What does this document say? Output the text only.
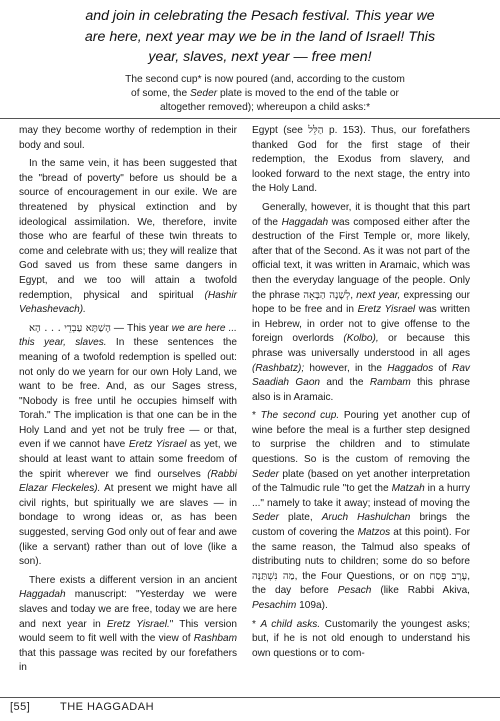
and join in celebrating the Pesach festival. This year we
are here, next year may we be in the land of Israel! This
year, slaves, next year — free men!
The second cup* is now poured (and, according to the custom
of some, the Seder plate is moved to the end of the table or
altogether removed); whereupon a child asks:*

may they become worthy of redemption in their body and soul.

In the same vein, it has been suggested that the "bread of poverty" before us should be a source of encouragement in our exile. We are threatened by physical extinction and by ideological assimilation. We, therefore, invite those who are fearful of these twin threats to come and celebrate with us; they will realize that God saved us from these same dangers in Egypt, and we too will attain a twofold redemption, physical and spiritual (Hashir Vehashevach).

הָשַׁתָּא עַבְדֵי . . . הָא — This year we are here ... this year, slaves. In these sentences the meaning of a twofold redemption is spelled out: not only do we yearn for our own Holy Land, we want to be free. And, as our Sages stress, "Nobody is free until he occupies himself with Torah." The implication is that one can be in the Holy Land and yet not be truly free — or that, even if we cannot have Eretz Yisrael as yet, we should at least want to attain some freedom of the spirit wherever we find ourselves (Rabbi Elazar Fleckeles). At present we might have all civil rights, but spiritually we are slaves — in bondage to wrong ideas or, as has been suggested, serving God only out of fear and awe (like a servant) rather than out of love (like a son).

There exists a different version in an ancient Haggadah manuscript: "Yesterday we were slaves and today we are free, today we are here and next year in Eretz Yisrael." This version would seem to fit well with the view of Rashbam that this passage was recited by our forefathers in

Egypt (see הַלֵּל p. 153). Thus, our forefathers thanked God for the first stage of their redemption, the Exodus from slavery, and looked forward to the next stage, the entry into the Holy Land.

Generally, however, it is thought that this part of the Haggadah was composed either after the destruction of the First Temple or, more likely, after that of the Second. As it was not part of the official text, it was written in Aramaic, which was then the everyday language of the people. Only the phrase לְשָׁנָה הַבָּאָה, next year, expressing our hope to be free and in Eretz Yisrael was written in Hebrew, in order not to give offense to the foreign overlords (Kolbo), or because this phrase was universally understood in all ages (Rashbatz); however, in the Haggados of Rav Saadiah Gaon and the Rambam this phrase also is in Aramaic.

* The second cup. Pouring yet another cup of wine before the meal is a further step designed to surprise the children and to stimulate questions. So is the custom of removing the Seder plate (based on yet another interpretation of the Talmudic rule "to get the Matzah in a hurry ..." namely to take it away; instead of moving the Seder plate, Aruch Hashulchan brings the custom of covering the Matzos at this point). For the same reason, the Talmud also speaks of distributing nuts to children; some do so before מַה נִּשְׁתַּנָּה, the Four Questions, or on עֶרֶב פֶּסַח, the day before Pesach (like Rabbi Akiva, Pesachim 109a).

* A child asks. Customarily the youngest asks; but, if he is not old enough to understand his own questions or to com-

[55]	THE HAGGADAH
